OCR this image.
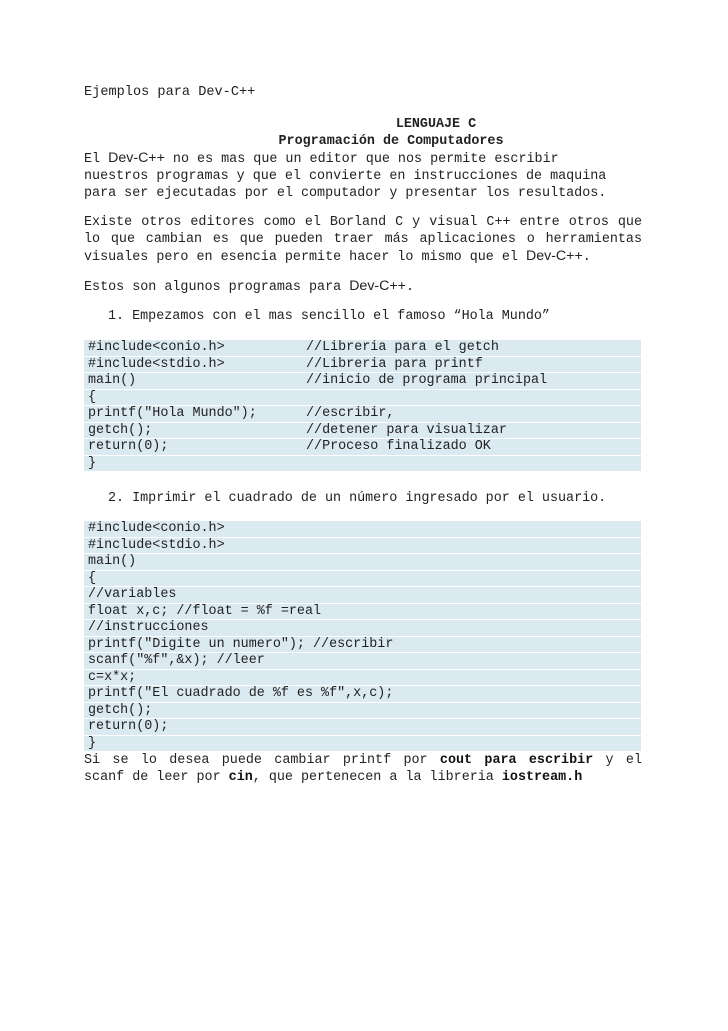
Ejemplos para Dev-C++
LENGUAJE C
Programación de Computadores
El Dev-C++ no es mas que un editor que nos permite escribir
nuestros programas y que el convierte en instrucciones de maquina
para ser ejecutadas por el computador y presentar los resultados.
Existe otros editores como el Borland C y visual C++ entre otros que
lo que cambian es que pueden traer más aplicaciones o herramientas
visuales pero en esencia permite hacer lo mismo que el Dev-C++.
Estos son algunos programas para Dev-C++.
1. Empezamos con el mas sencillo el famoso “Hola Mundo”
#include<conio.h>	//Libreria para el getch
#include<stdio.h>	//Libreria para printf
main()	//inicio de programa principal
{
printf("Hola Mundo");	//escribir,
getch();	//detener para visualizar
return(0);	//Proceso finalizado OK
}
2. Imprimir el cuadrado de un número ingresado por el usuario.
#include<conio.h>
#include<stdio.h>
main()
{
//variables
float x,c; //float = %f =real
//instrucciones
printf("Digite un numero"); //escribir
scanf("%f",&x); //leer
c=x*x;
printf("El cuadrado de %f es %f",x,c);
getch();
return(0);
}
Si se lo desea puede cambiar printf por cout para escribir y el
scanf de leer por cin, que pertenecen a la libreria iostream.h
